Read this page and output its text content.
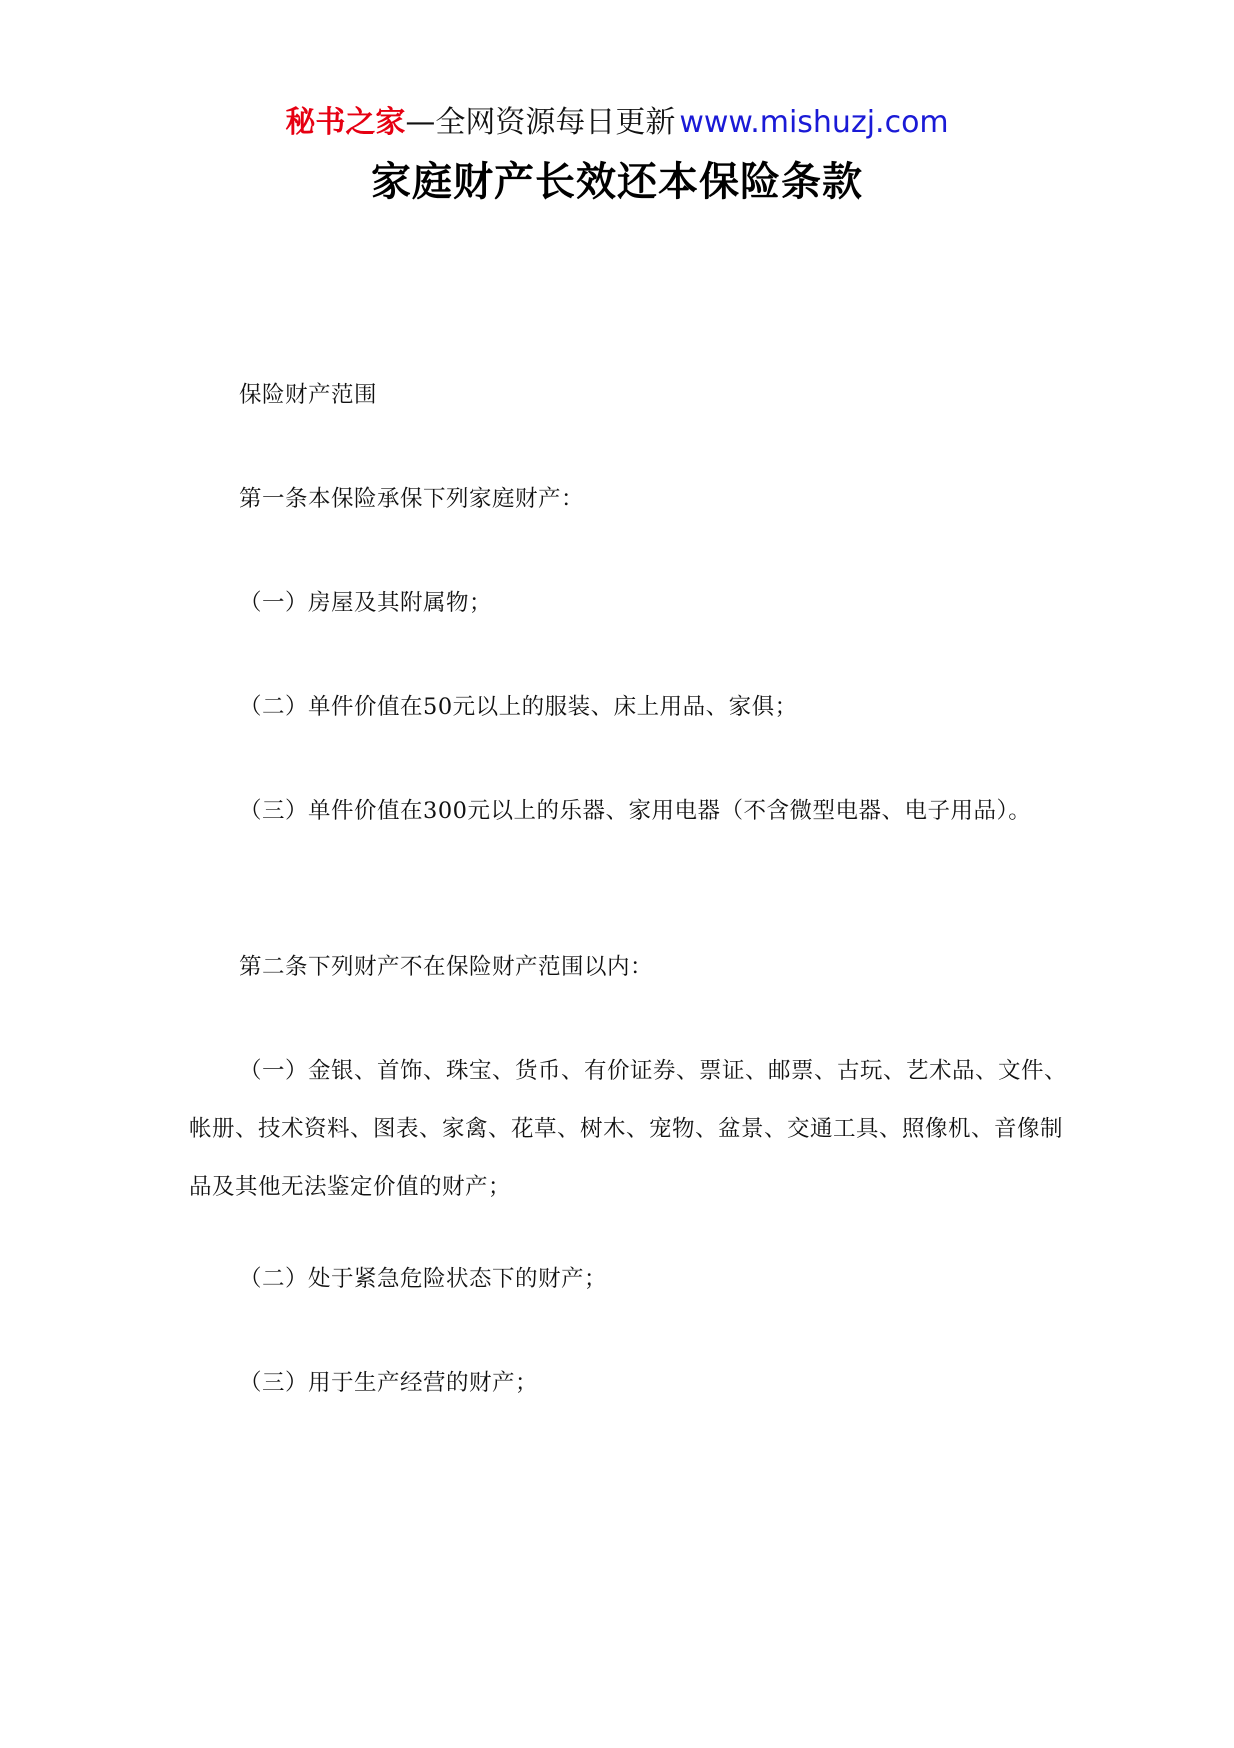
秘书之家—全网资源每日更新 www.mishuzj.com
家庭财产长效还本保险条款

保险财产范围

第一条本保险承保下列家庭财产：

（一）房屋及其附属物；

（二）单件价值在50元以上的服装、床上用品、家俱；

（三）单件价值在300元以上的乐器、家用电器（不含微型电器、电子用品）。

第二条下列财产不在保险财产范围以内：

（一）金银、首饰、珠宝、货币、有价证券、票证、邮票、古玩、艺术品、文件、帐册、技术资料、图表、家禽、花草、树木、宠物、盆景、交通工具、照像机、音像制品及其他无法鉴定价值的财产；

（二）处于紧急危险状态下的财产；

（三）用于生产经营的财产；
